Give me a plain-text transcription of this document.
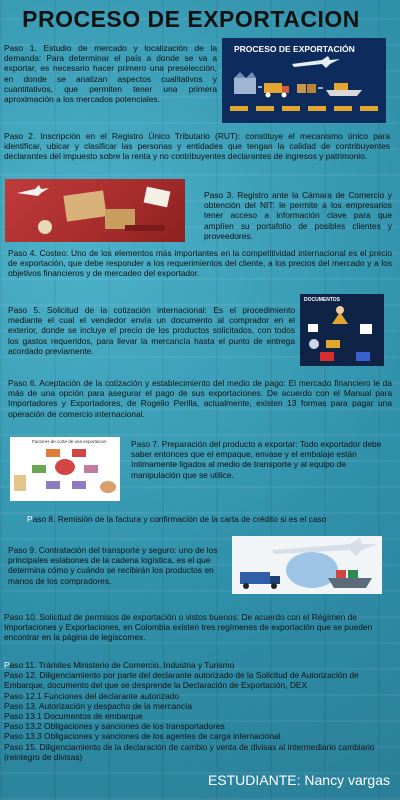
PROCESO DE EXPORTACION
Paso 1. Estudio de mercado y localización de la demanda: Para determinar el país a donde se va a exportar, es necesario hacer primero una preselección, en donde se analizan aspectos cualitativos y cuantitativos, que permiten tener una primera aproximación a los mercados potenciales.
PROCESO DE EXPORTACIÓN
Paso 2. Inscripción en el Registro Único Tributario (RUT): constituye el mecanismo único para identificar, ubicar y clasificar las personas y entidades que tengan la calidad de contribuyentes declarantes del impuesto sobre la renta y no contribuyentes declarantes de ingresos y patrimonio.
Paso 3. Registro ante la Cámara de Comercio y obtención del NIT: le permite a los empresarios tener acceso a información clave para que amplíen su portafolio de posibles clientes y proveedores.
Paso 4. Costeo: Uno de los elementos más importantes en la competitividad internacional es el precio de exportación, que debe responder a los requerimientos del cliente, a los precios del mercado y a los objetivos financieros y de mercadeo del exportador.
Paso 5. Solicitud de la cotización internacional: Es el procedimiento mediante el cual el vendedor envía un documento al comprador en el exterior, donde se incluye el precio de los productos solicitados, con todos los gastos requeridos, para llevar la mercancía hasta el punto de entrega acordado previamente.
DOCUMENTOS
Paso 6. Aceptación de la cotización y establecimiento del medio de pago: El mercado financiero le da más de una opción para asegurar el pago de sus exportaciones. De acuerdo con el Manual para Importadores y Exportadores, de Rogelio Perilla, actualmente, existen 13 formas para pagar una operación de comercio internacional.
Factores de corte de una exportacion	Paso 7. Preparación del producto a exportar: Todo exportador debe saber entonces que el empaque, envase y el embalaje están íntimamente ligados al medio de transporte y al equipo de manipulación que se utilice.
Paso 8. Remisión de la factura y confirmación de la carta de crédito si es el caso
Paso 9. Contratación del transporte y seguro: uno de los principales eslabones de la cadena logística, es el que determina cómo y cuándo se recibirán los productos en manos de los compradores.
Paso 10. Solicitud de permisos de exportación o vistos buenos: De acuerdo con el Régimen de Importaciones y Exportaciones, en Colombia existen tres regímenes de exportación que se pueden encontrar en la página de legiscomex.
Paso 11. Trámites Ministerio de Comercio, Industria y Turismo
Paso 12. Diligenciamiento por parte del declarante autorizado de la Solicitud de Autorización de Embarque, documento del que se desprende la Declaración de Exportación, DEX
Paso 12.1 Funciones del declarante autorizado
Paso 13. Autorización y despacho de la mercancía
Paso 13.1 Documentos de embarque
Paso 13.2 Obligaciones y sanciones de los transportadores
Paso 13.3 Obligaciones y sanciones de los agentes de carga internacional
Paso 15. Diligenciamiento de la declaración de cambio y venta de divisas al intermediario cambiario (reintegro de divisas)
ESTUDIANTE: Nancy vargas
